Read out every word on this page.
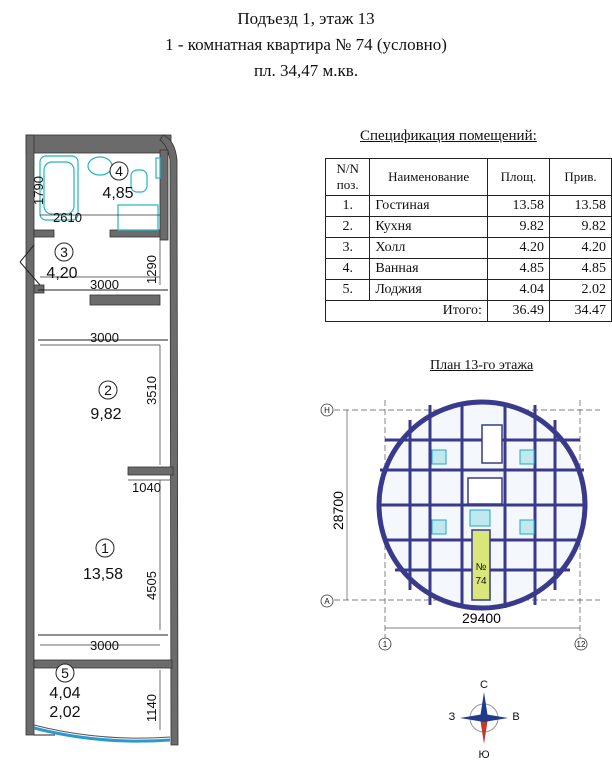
Подъезд 1, этаж 13
1 - комнатная квартира № 74 (условно)
пл. 34,47 м.кв.
4
4,85
3
4,20
2
9,82
1
13,58
5
4,04
2,02
1790
2610
1290
3000
3000
3510
1040
4505
3000
1140
Спецификация помещений:
N/N поз.	Наименование	Площ.	Прив.
1.	Гостиная	13.58	13.58
2.	Кухня	9.82	9.82
3.	Холл	4.20	4.20
4.	Ванная	4.85	4.85
5.	Лоджия	4.04	2.02
	Итого:	36.49	34.47
План 13-го этажа
Н
А
1	12
28700
29400
№
74
С
Ю
З	В
